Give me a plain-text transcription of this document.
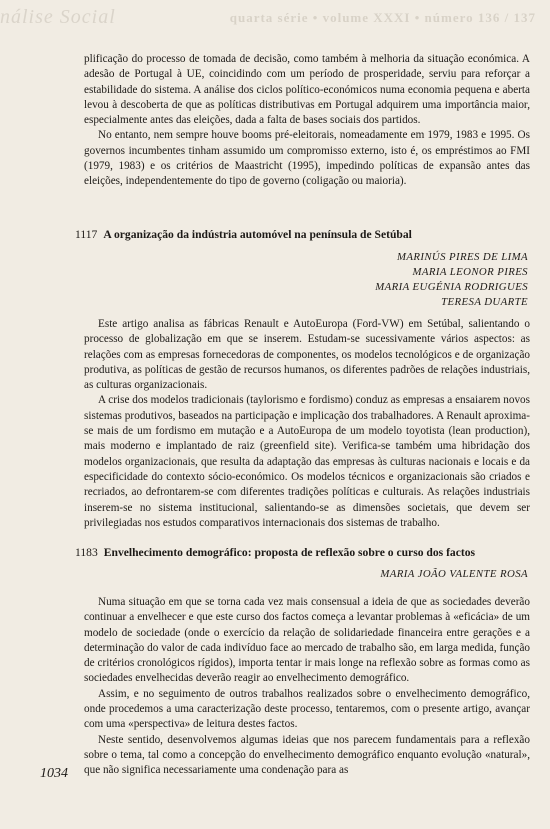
nálise Social	quarta série • volume XXXI • número 136 / 137

plificação do processo de tomada de decisão, como também à melhoria da situação económica. A adesão de Portugal à UE, coincidindo com um período de prosperidade, serviu para reforçar a estabilidade do sistema. A análise dos ciclos político-económicos numa economia pequena e aberta levou à descoberta de que as políticas distributivas em Portugal adquirem uma importância maior, especialmente antes das eleições, dada a falta de bases sociais dos partidos.

No entanto, nem sempre houve booms pré-eleitorais, nomeadamente em 1979, 1983 e 1995. Os governos incumbentes tinham assumido um compromisso externo, isto é, os empréstimos ao FMI (1979, 1983) e os critérios de Maastricht (1995), impedindo políticas de expansão antes das eleições, independentemente do tipo de governo (coligação ou maioria).

1117 A organização da indústria automóvel na península de Setúbal
MARINÚS PIRES DE LIMA
MARIA LEONOR PIRES
MARIA EUGÉNIA RODRIGUES
TERESA DUARTE

Este artigo analisa as fábricas Renault e AutoEuropa (Ford-VW) em Setúbal, salientando o processo de globalização em que se inserem. Estudam-se sucessivamente vários aspectos: as relações com as empresas fornecedoras de componentes, os modelos tecnológicos e de organização produtiva, as políticas de gestão de recursos humanos, os diferentes padrões de relações industriais, as culturas organizacionais.

A crise dos modelos tradicionais (taylorismo e fordismo) conduz as empresas a ensaiarem novos sistemas produtivos, baseados na participação e implicação dos trabalhadores. A Renault aproxima-se mais de um fordismo em mutação e a AutoEuropa de um modelo toyotista (lean production), mais moderno e implantado de raiz (greenfield site). Verifica-se também uma hibridação dos modelos organizacionais, que resulta da adaptação das empresas às culturas nacionais e locais e da especificidade do contexto sócio-económico. Os modelos técnicos e organizacionais são criados e recriados, ao defrontarem-se com diferentes tradições políticas e culturais. As relações industriais inserem-se no sistema institucional, salientando-se as dimensões societais, que devem ser privilegiadas nos estudos comparativos internacionais dos sistemas de trabalho.

1183 Envelhecimento demográfico: proposta de reflexão sobre o curso dos factos
MARIA JOÃO VALENTE ROSA

Numa situação em que se torna cada vez mais consensual a ideia de que as sociedades deverão continuar a envelhecer e que este curso dos factos começa a levantar problemas à «eficácia» de um modelo de sociedade (onde o exercício da relação de solidariedade financeira entre gerações e a determinação do valor de cada indivíduo face ao mercado de trabalho são, em larga medida, função de critérios cronológicos rígidos), importa tentar ir mais longe na reflexão sobre as formas como as sociedades envelhecidas deverão reagir ao envelhecimento demográfico.

Assim, e no seguimento de outros trabalhos realizados sobre o envelhecimento demográfico, onde procedemos a uma caracterização deste processo, tentaremos, com o presente artigo, avançar com uma «perspectiva» de leitura destes factos.

Neste sentido, desenvolvemos algumas ideias que nos parecem fundamentais para a reflexão sobre o tema, tal como a concepção do envelhecimento demográfico enquanto evolução «natural», que não significa necessariamente uma condenação para as

1034
